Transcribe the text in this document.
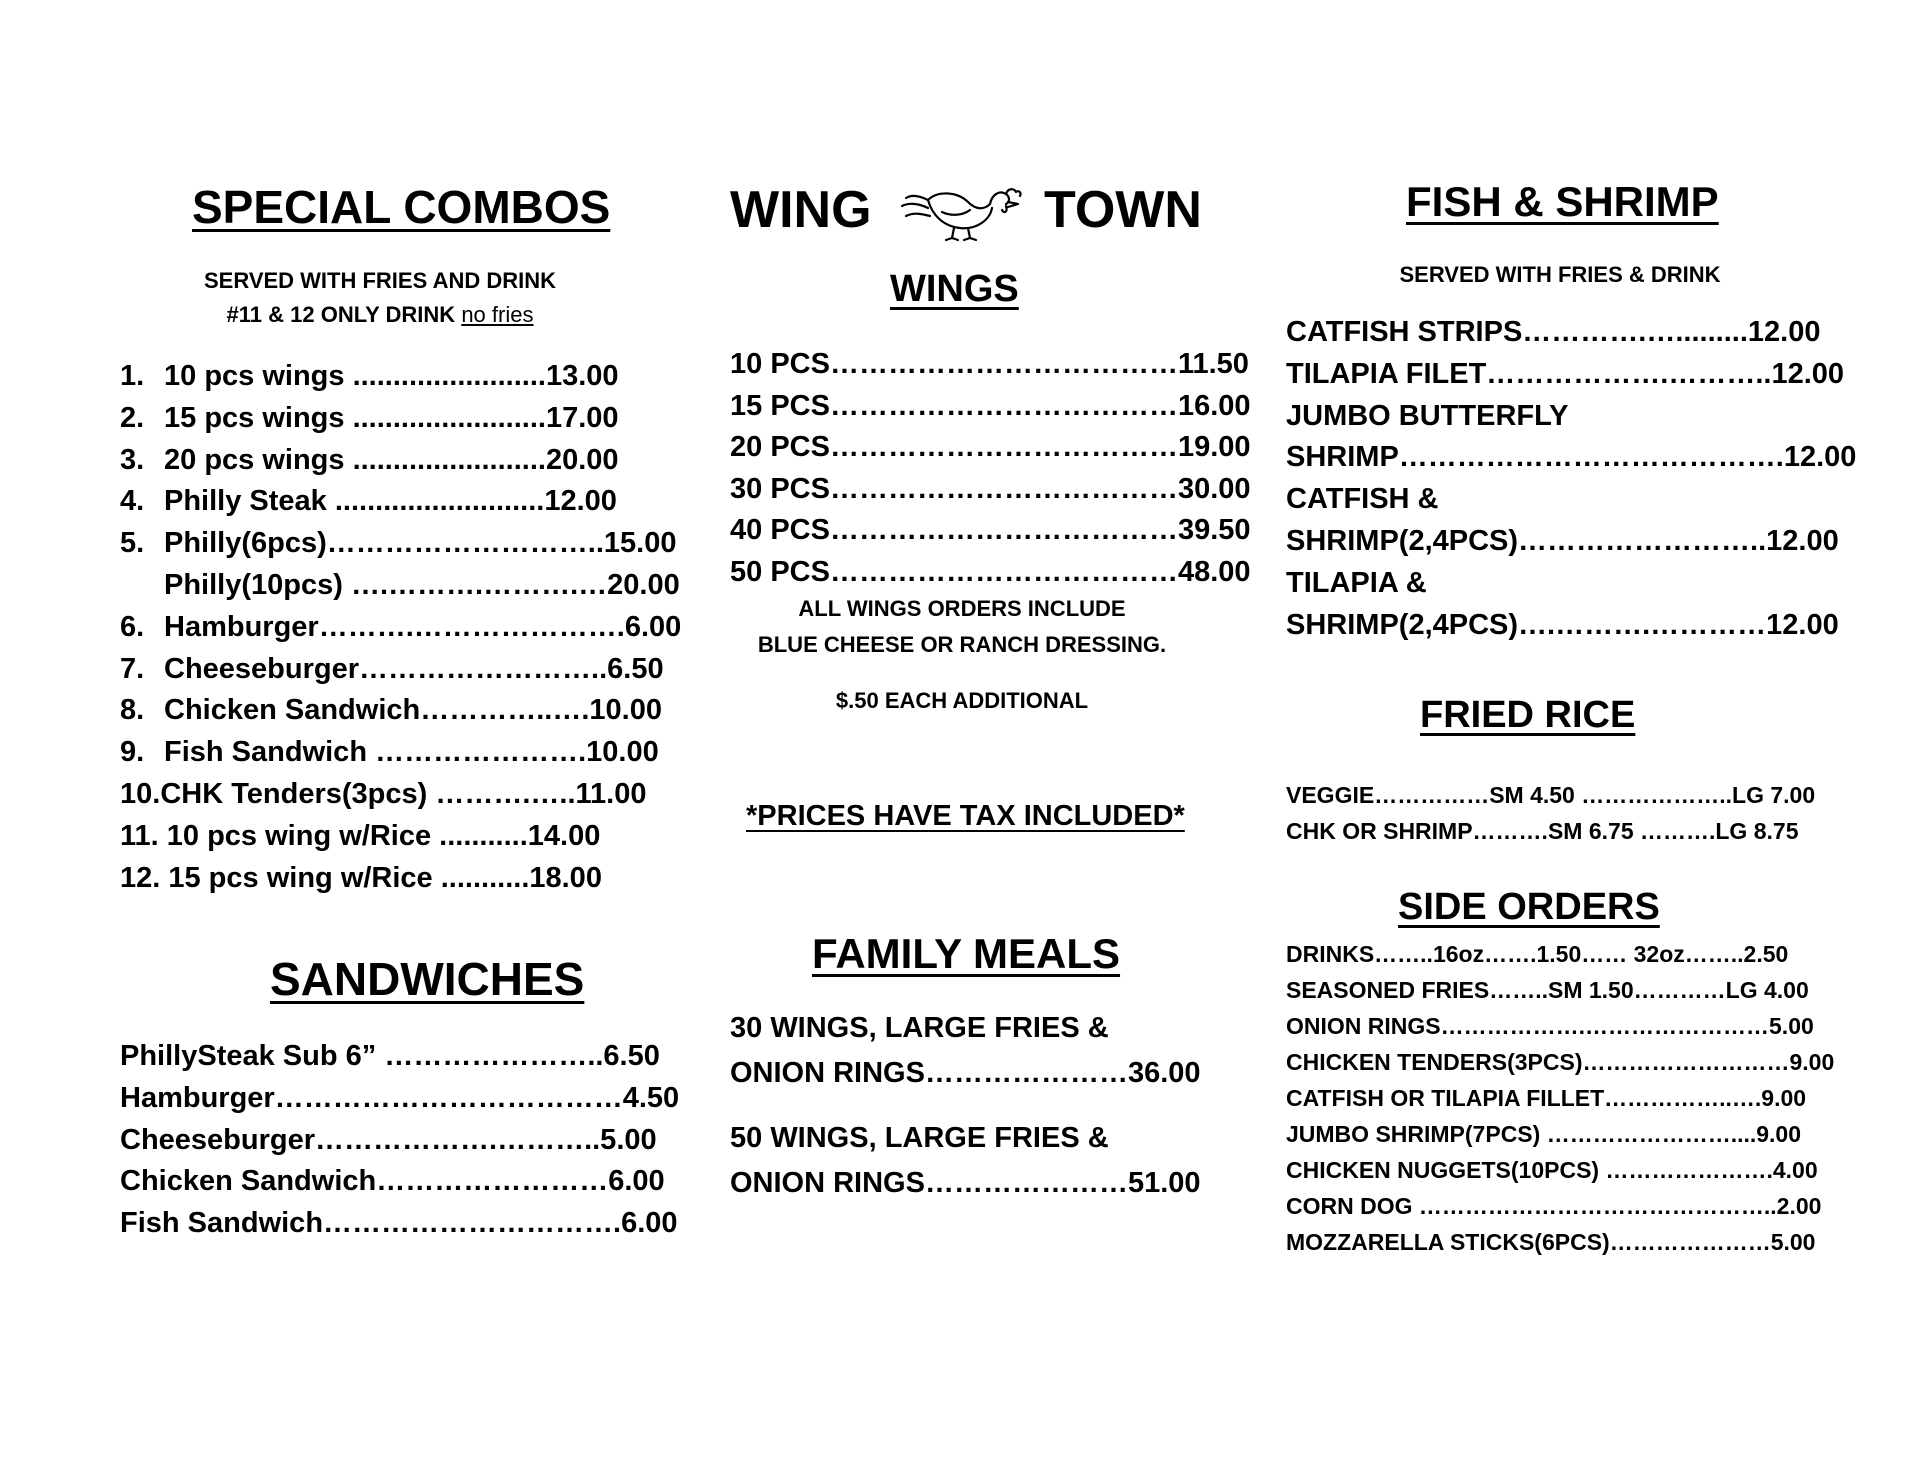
SPECIAL COMBOS
SERVED WITH FRIES AND DRINK
#11 & 12 ONLY DRINK no fries
1. 10 pcs wings ........................13.00
2. 15 pcs wings ........................17.00
3. 20 pcs wings ........................20.00
4. Philly Steak ..........................12.00
5. Philly(6pcs)………………………..15.00
Philly(10pcs) ….……….……….…20.00
6. Hamburger……….………………….6.00
7. Cheeseburger……………………..6.50
8. Chicken Sandwich…………..….10.00
9. Fish Sandwich ………………….10.00
10.CHK Tenders(3pcs) ……….…..11.00
11. 10 pcs wing w/Rice ...........14.00
12. 15 pcs wing w/Rice ...........18.00
SANDWICHES
PhillySteak Sub 6” …………………..6.50
Hamburger………………………………4.50
Cheeseburger……………….………..5.00
Chicken Sandwich……………………6.00
Fish Sandwich………………………….6.00
WING	TOWN
WINGS
10 PCS………………………………11.50
15 PCS………………………………16.00
20 PCS………………………………19.00
30 PCS………………………………30.00
40 PCS………………………………39.50
50 PCS………………………………48.00
ALL WINGS ORDERS INCLUDE
BLUE CHEESE OR RANCH DRESSING.
$.50 EACH ADDITIONAL
*PRICES HAVE TAX INCLUDED*
FAMILY MEALS
30 WINGS, LARGE FRIES &
ONION RINGS…………………36.00
50 WINGS, LARGE FRIES &
ONION RINGS…………………51.00
FISH & SHRIMP
SERVED WITH FRIES & DRINK
CATFISH STRIPS………….….........12.00
TILAPIA FILET……………….………..12.00
JUMBO BUTTERFLY
SHRIMP………………………………….12.00
CATFISH &
SHRIMP(2,4PCS)……………………..12.00
TILAPIA &
SHRIMP(2,4PCS)….……….…………12.00
FRIED RICE
VEGGIE……………SM 4.50 ………………..LG 7.00
CHK OR SHRIMP……….SM 6.75 ……….LG 8.75
SIDE ORDERS
DRINKS……..16oz…….1.50…… 32oz……..2.50
SEASONED FRIES……..SM 1.50…………LG 4.00
ONION RINGS……………….……………………5.00
CHICKEN TENDERS(3PCS)………………………9.00
CATFISH OR TILAPIA FILLET……………..….9.00
JUMBO SHRIMP(7PCS) ……………………....9.00
CHICKEN NUGGETS(10PCS) ………………….4.00
CORN DOG ………………………………………..2.00
MOZZARELLA STICKS(6PCS)…………………5.00
